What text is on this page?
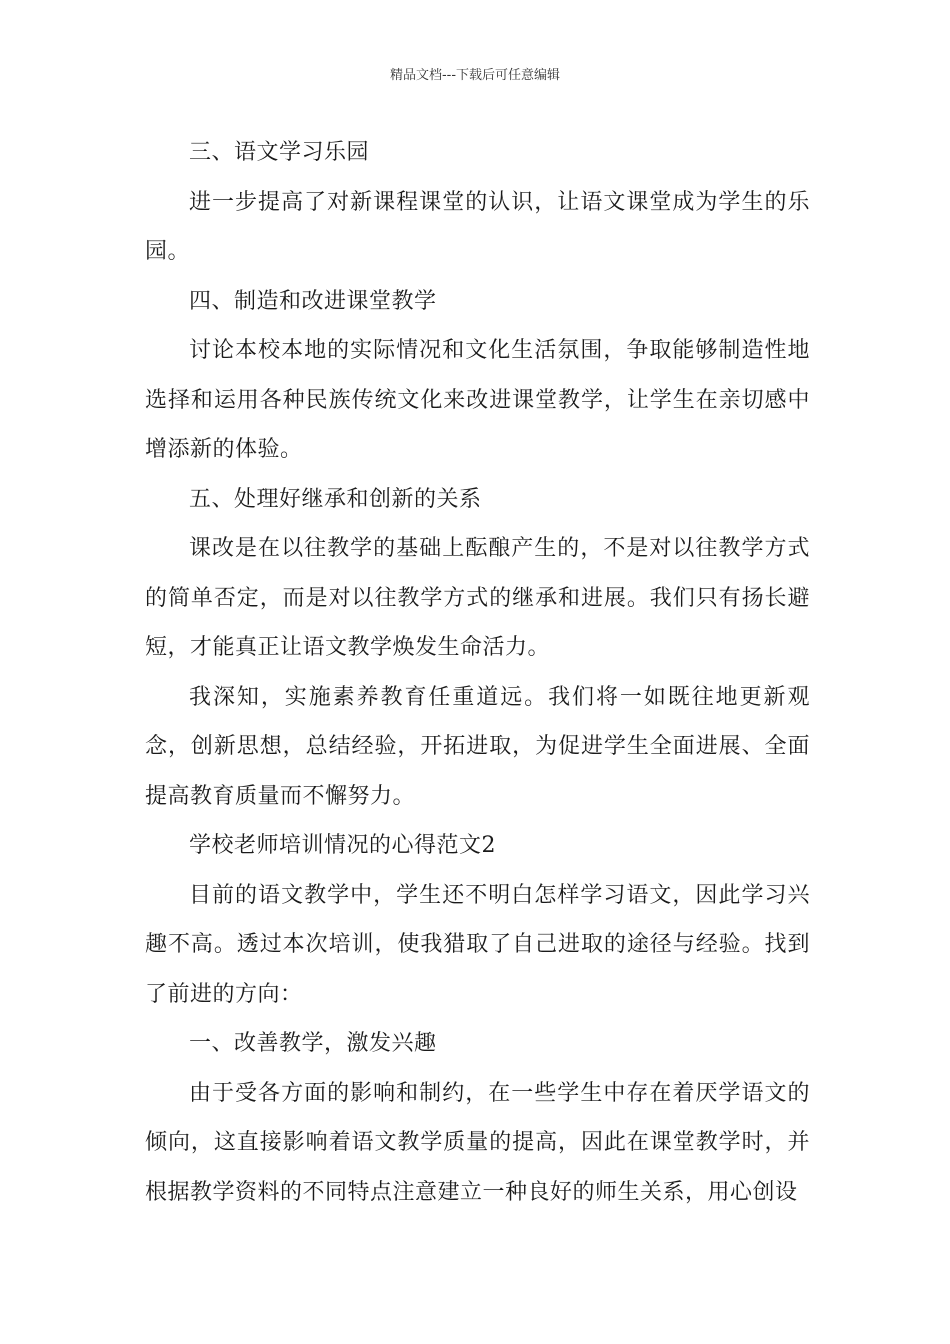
精品文档---下载后可任意编辑

三、语文学习乐园

进一步提高了对新课程课堂的认识，让语文课堂成为学生的乐园。

四、制造和改进课堂教学

讨论本校本地的实际情况和文化生活氛围，争取能够制造性地选择和运用各种民族传统文化来改进课堂教学，让学生在亲切感中增添新的体验。

五、处理好继承和创新的关系

课改是在以往教学的基础上酝酿产生的，不是对以往教学方式的简单否定，而是对以往教学方式的继承和进展。我们只有扬长避短，才能真正让语文教学焕发生命活力。

我深知，实施素养教育任重道远。我们将一如既往地更新观念，创新思想，总结经验，开拓进取，为促进学生全面进展、全面提高教育质量而不懈努力。

学校老师培训情况的心得范文2

目前的语文教学中，学生还不明白怎样学习语文，因此学习兴趣不高。透过本次培训，使我猎取了自己进取的途径与经验。找到了前进的方向：

一、改善教学，激发兴趣

由于受各方面的影响和制约，在一些学生中存在着厌学语文的倾向，这直接影响着语文教学质量的提高，因此在课堂教学时，并根据教学资料的不同特点注意建立一种良好的师生关系，用心创设
